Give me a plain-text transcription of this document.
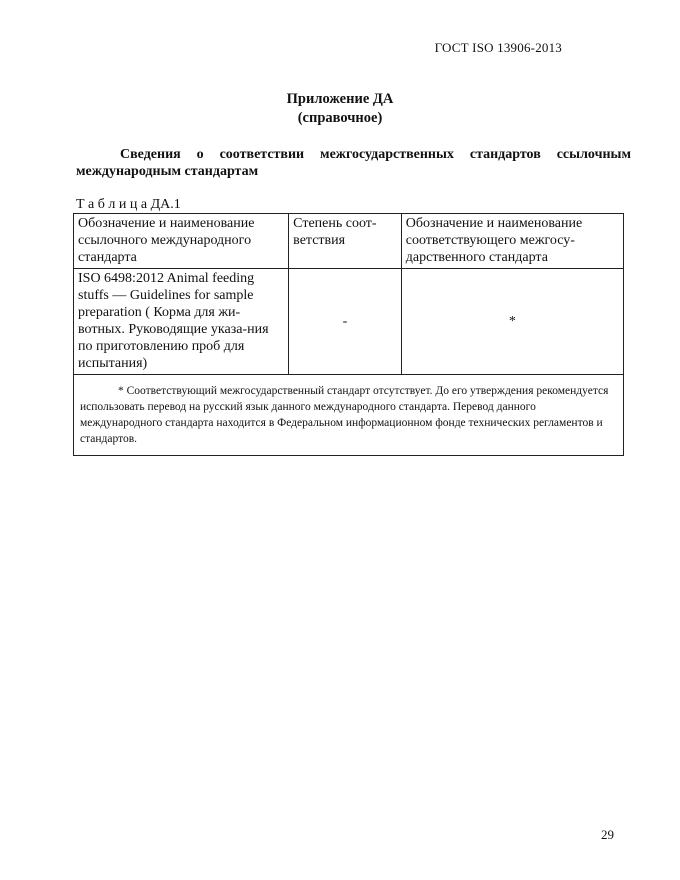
ГОСТ ISO 13906-2013
Приложение ДА
(справочное)
Сведения о соответствии межгосударственных стандартов ссылочным международным стандартам
Т а б л и ц а ДА.1
Обозначение и наименование ссылочного международного стандарта	Степень соот-ветствия	Обозначение и наименование соответствующего межгосу-дарственного стандарта
ISO 6498:2012 Animal feeding stuffs — Guidelines for sample preparation ( Корма для жи-вотных. Руководящие указа-ния по приготовлению проб для испытания)	-	*
* Соответствующий межгосударственный стандарт отсутствует. До его утверждения рекомендуется использовать перевод на русский язык данного международного стандарта. Перевод данного международного стандарта находится в Федеральном информационном фонде технических регламентов и стандартов.		
29
